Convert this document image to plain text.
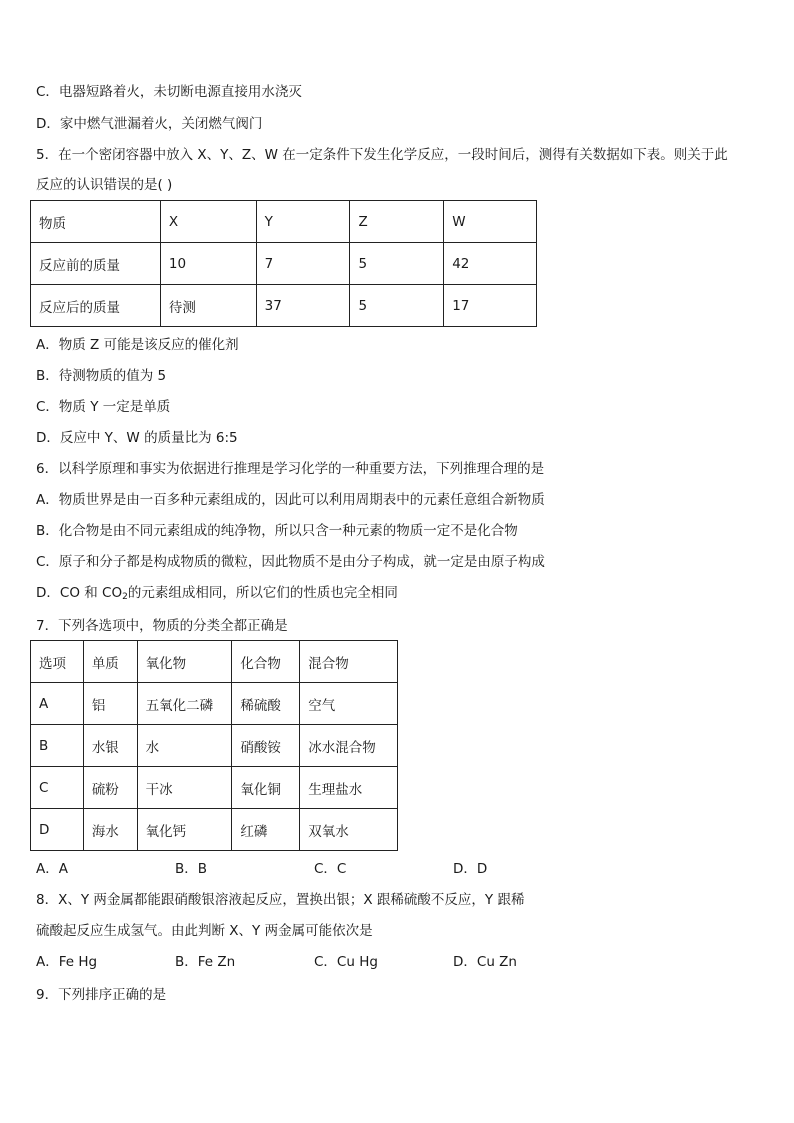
C．电器短路着火，未切断电源直接用水浇灭
D．家中燃气泄漏着火，关闭燃气阀门
5．在一个密闭容器中放入 X、Y、Z、W 在一定条件下发生化学反应，一段时间后，测得有关数据如下表。则关于此
反应的认识错误的是( )
物质	X	Y	Z	W
反应前的质量	10	7	5	42
反应后的质量	待测	37	5	17
A．物质 Z 可能是该反应的催化剂
B．待测物质的值为 5
C．物质 Y 一定是单质
D．反应中 Y、W 的质量比为 6:5
6．以科学原理和事实为依据进行推理是学习化学的一种重要方法，下列推理合理的是
A．物质世界是由一百多种元素组成的，因此可以利用周期表中的元素任意组合新物质
B．化合物是由不同元素组成的纯净物，所以只含一种元素的物质一定不是化合物
C．原子和分子都是构成物质的微粒，因此物质不是由分子构成，就一定是由原子构成
D．CO 和 $CO_2$的元素组成相同，所以它们的性质也完全相同
7．下列各选项中，物质的分类全都正确是
选项	单质	氧化物	化合物	混合物
A	铝	五氧化二磷	稀硫酸	空气
B	水银	水	硝酸铵	冰水混合物
C	硫粉	干冰	氧化铜	生理盐水
D	海水	氧化钙	红磷	双氧水
A．A	B．B	C．C	D．D
8．X、Y 两金属都能跟硝酸银溶液起反应，置换出银；X 跟稀硫酸不反应，Y 跟稀
硫酸起反应生成氢气。由此判断 X、Y 两金属可能依次是
A．Fe Hg	B．Fe Zn	C．Cu Hg	D．Cu Zn
9．下列排序正确的是
